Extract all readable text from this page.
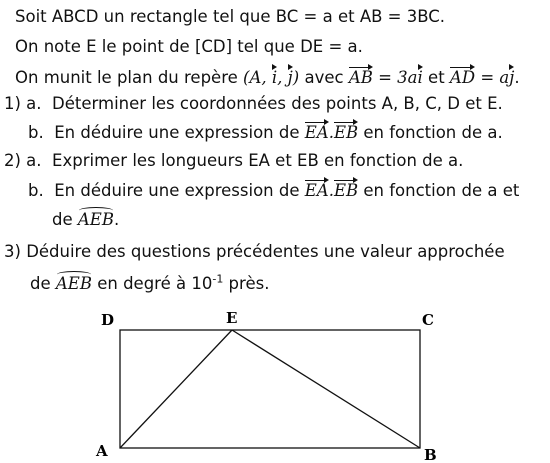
Soit ABCD un rectangle tel que BC = a et AB = 3BC.
On note E le point de [CD] tel que DE = a.
On munit le plan du repère (A, i, j) avec AB = 3ai et AD = aj.
1) a. Déterminer les coordonnées des points A, B, C, D et E.
b. En déduire une expression de EA.EB en fonction de a.
2) a. Exprimer les longueurs EA et EB en fonction de a.
b. En déduire une expression de EA.EB en fonction de a et
de AEB.
3) Déduire des questions précédentes une valeur approchée
de AEB en degré à $10^{-1}$ près.
D	E	C
A	B
